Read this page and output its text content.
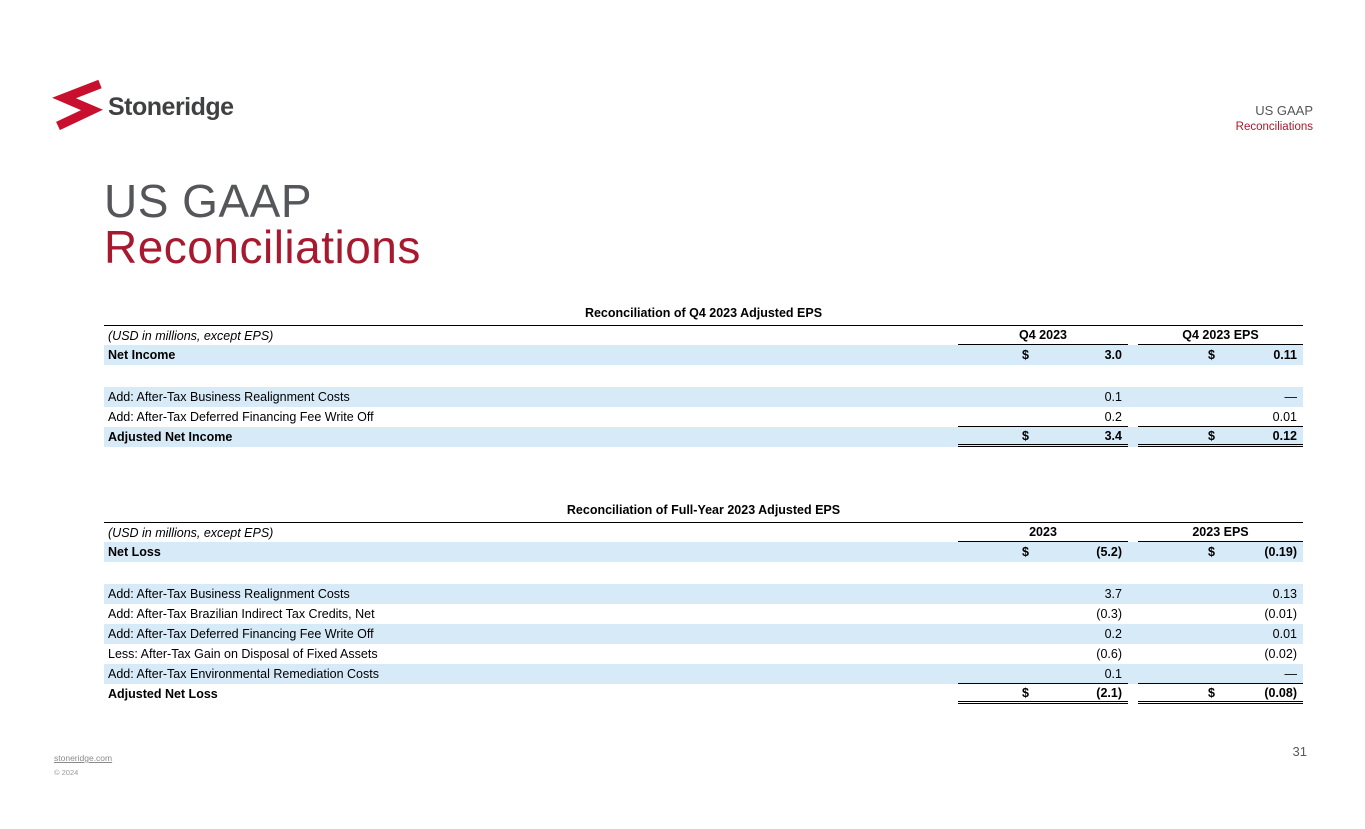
Stoneridge	US GAAP
Reconciliations
US GAAP
Reconciliations
Reconciliation of Q4 2023 Adjusted EPS
(USD in millions, except EPS)	Q4 2023	Q4 2023 EPS
Net Income	$	3.0	$	0.11
Add: After-Tax Business Realignment Costs	0.1	—
Add: After-Tax Deferred Financing Fee Write Off	0.2	0.01
Adjusted Net Income	$	3.4	$	0.12
Reconciliation of Full-Year 2023 Adjusted EPS
(USD in millions, except EPS)	2023	2023 EPS
Net Loss	$	(5.2)	$	(0.19)
Add: After-Tax Business Realignment Costs	3.7	0.13
Add: After-Tax Brazilian Indirect Tax Credits, Net	(0.3)	(0.01)
Add: After-Tax Deferred Financing Fee Write Off	0.2	0.01
Less: After-Tax Gain on Disposal of Fixed Assets	(0.6)	(0.02)
Add: After-Tax Environmental Remediation Costs	0.1	—
Adjusted Net Loss	$	(2.1)	$	(0.08)
stoneridge.com
© 2024
31
